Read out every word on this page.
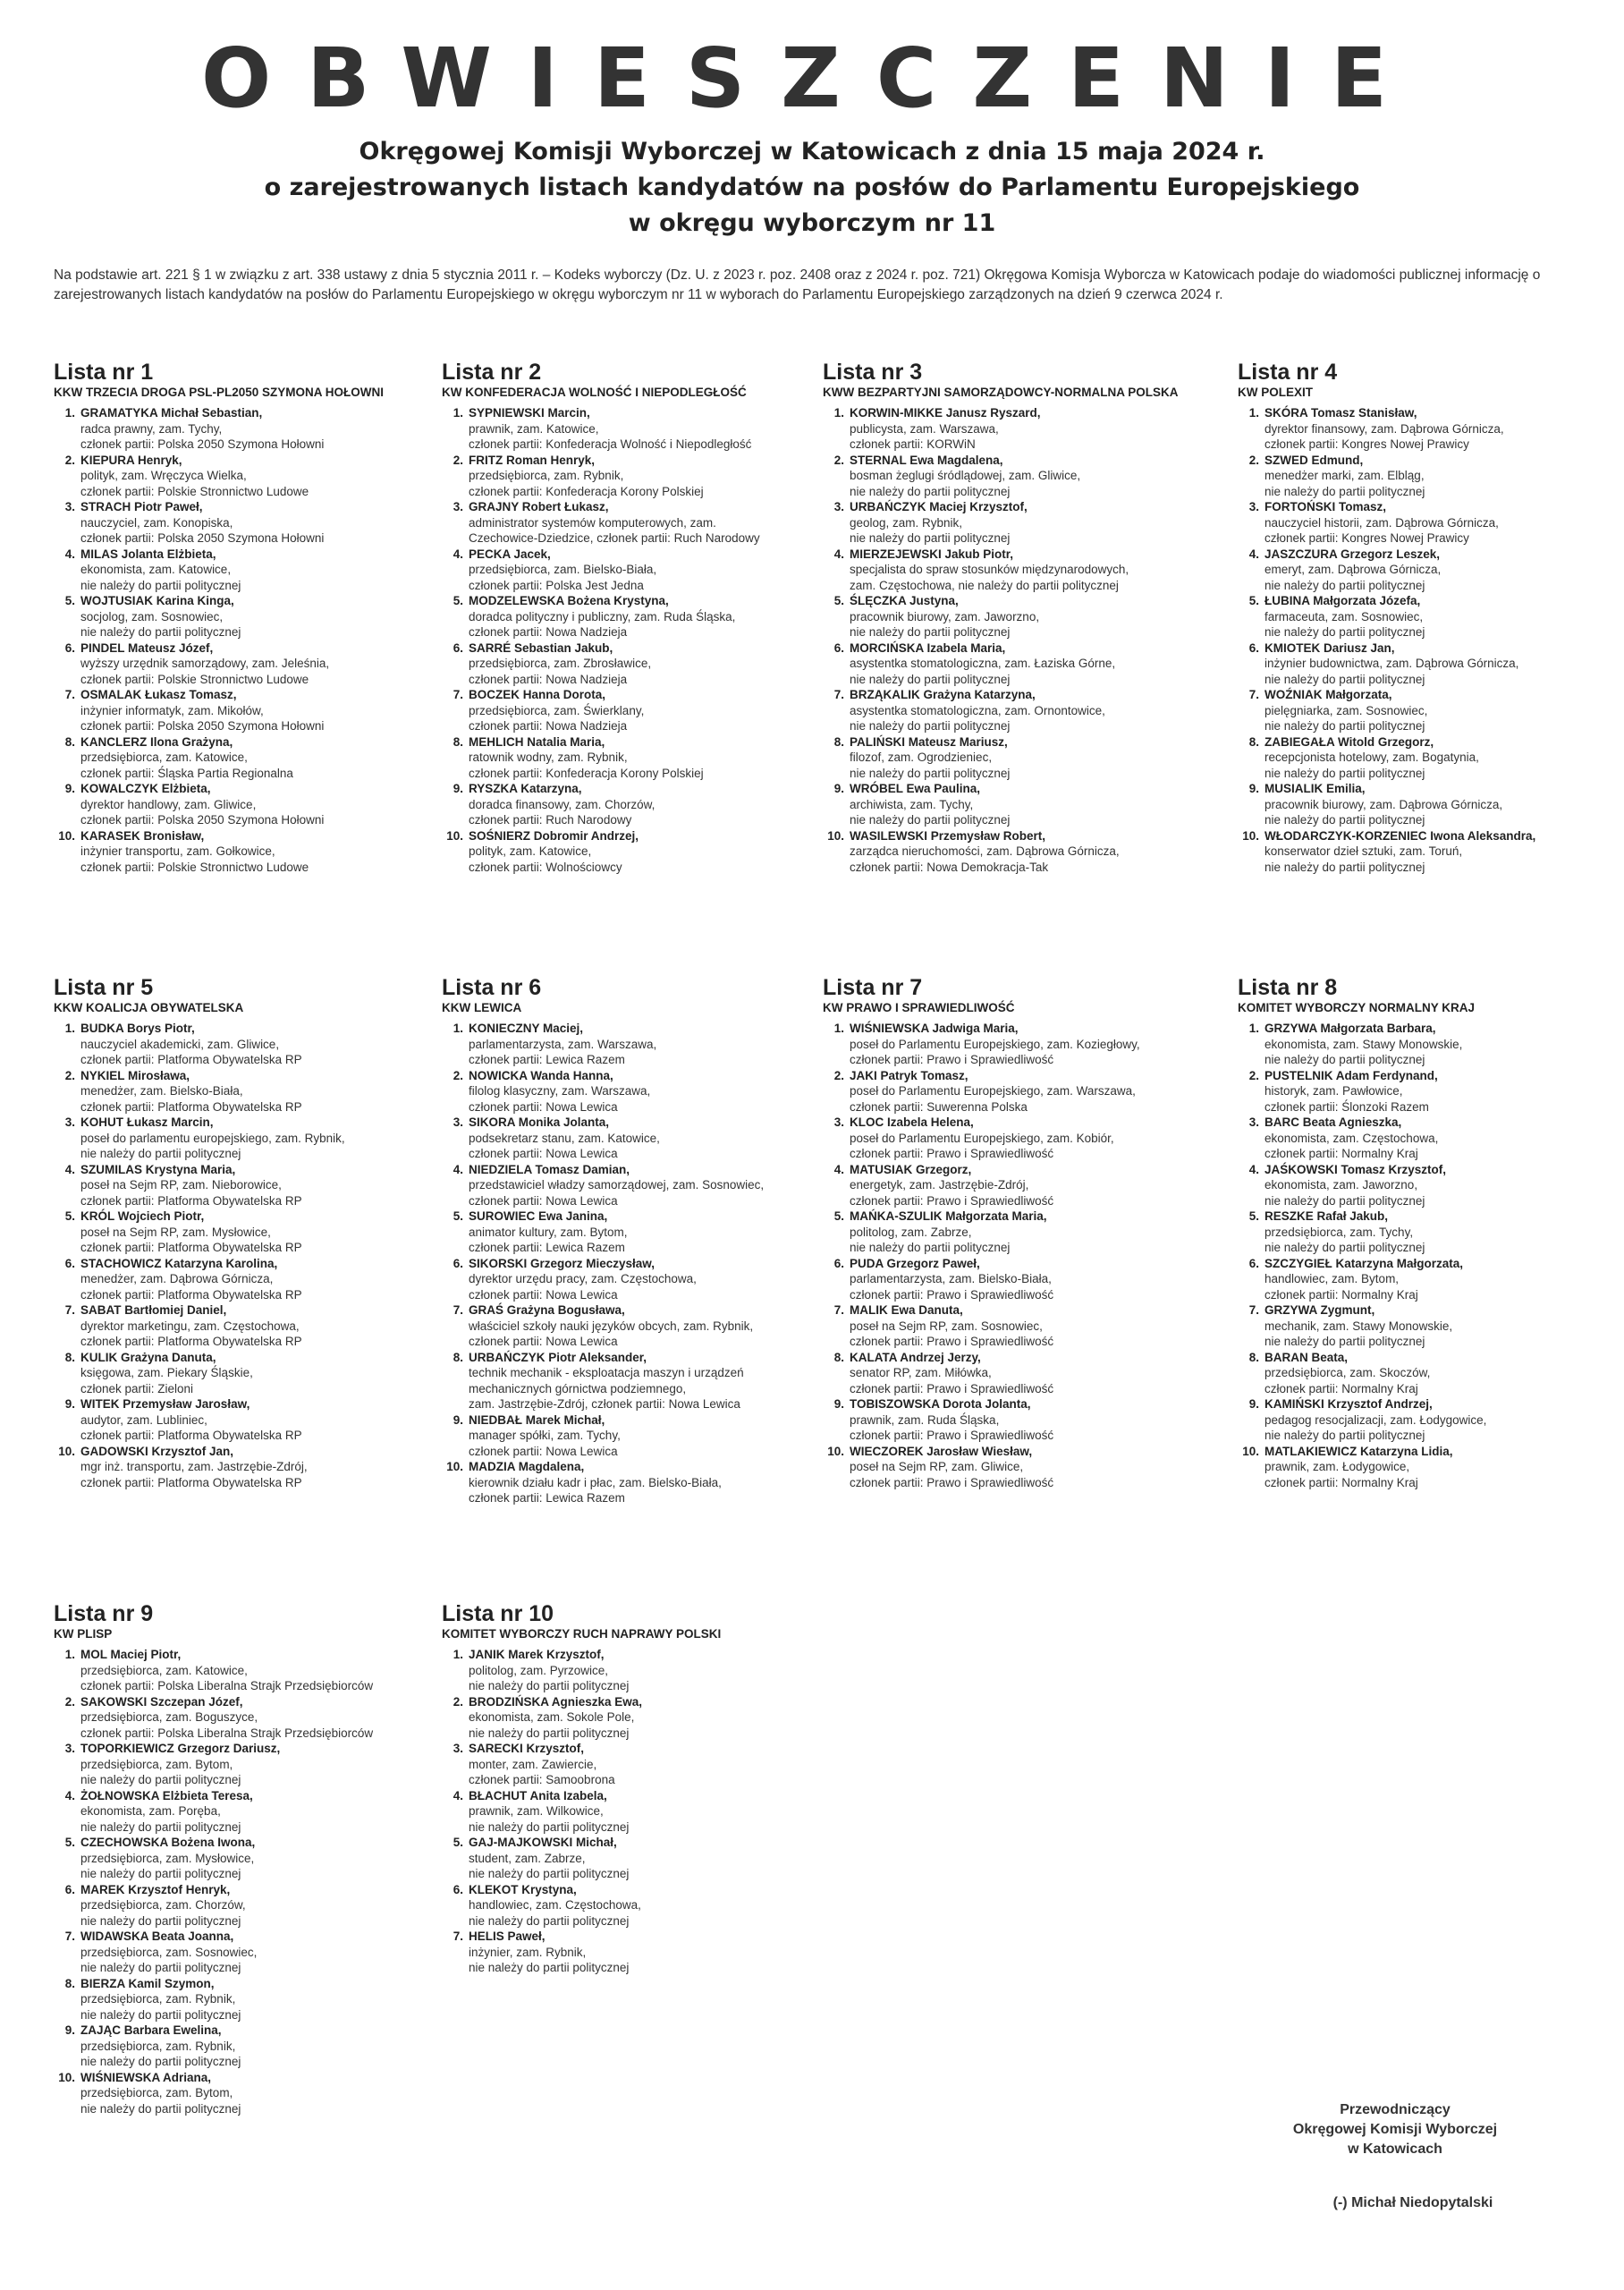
OBWIESZCZENIE
Okręgowej Komisji Wyborczej w Katowicach z dnia 15 maja 2024 r.
o zarejestrowanych listach kandydatów na posłów do Parlamentu Europejskiego
w okręgu wyborczym nr 11
Na podstawie art. 221 § 1 w związku z art. 338 ustawy z dnia 5 stycznia 2011 r. – Kodeks wyborczy (Dz. U. z 2023 r. poz. 2408 oraz z 2024 r. poz. 721) Okręgowa Komisja Wyborcza w Katowicach podaje do wiadomości publicznej informację o zarejestrowanych listach kandydatów na posłów do Parlamentu Europejskiego w okręgu wyborczym nr 11 w wyborach do Parlamentu Europejskiego zarządzonych na dzień 9 czerwca 2024 r.
Lista nr 1
KKW TRZECIA DROGA PSL-PL2050 SZYMONA HOŁOWNI
1. GRAMATYKA Michał Sebastian,
radca prawny, zam. Tychy,
członek partii: Polska 2050 Szymona Hołowni
2. KIEPURA Henryk,
polityk, zam. Wręczyca Wielka,
członek partii: Polskie Stronnictwo Ludowe
3. STRACH Piotr Paweł,
nauczyciel, zam. Konopiska,
członek partii: Polska 2050 Szymona Hołowni
4. MILAS Jolanta Elżbieta,
ekonomista, zam. Katowice,
nie należy do partii politycznej
5. WOJTUSIAK Karina Kinga,
socjolog, zam. Sosnowiec,
nie należy do partii politycznej
6. PINDEL Mateusz Józef,
wyższy urzędnik samorządowy, zam. Jeleśnia,
członek partii: Polskie Stronnictwo Ludowe
7. OSMALAK Łukasz Tomasz,
inżynier informatyk, zam. Mikołów,
członek partii: Polska 2050 Szymona Hołowni
8. KANCLERZ Ilona Grażyna,
przedsiębiorca, zam. Katowice,
członek partii: Śląska Partia Regionalna
9. KOWALCZYK Elżbieta,
dyrektor handlowy, zam. Gliwice,
członek partii: Polska 2050 Szymona Hołowni
10. KARASEK Bronisław,
inżynier transportu, zam. Gołkowice,
członek partii: Polskie Stronnictwo Ludowe
Lista nr 2
KW KONFEDERACJA WOLNOŚĆ I NIEPODLEGŁOŚĆ
1. SYPNIEWSKI Marcin,
prawnik, zam. Katowice,
członek partii: Konfederacja Wolność i Niepodległość
2. FRITZ Roman Henryk,
przedsiębiorca, zam. Rybnik,
członek partii: Konfederacja Korony Polskiej
3. GRAJNY Robert Łukasz,
administrator systemów komputerowych, zam.
Czechowice-Dziedzice, członek partii: Ruch Narodowy
4. PECKA Jacek,
przedsiębiorca, zam. Bielsko-Biała,
członek partii: Polska Jest Jedna
5. MODZELEWSKA Bożena Krystyna,
doradca polityczny i publiczny, zam. Ruda Śląska,
członek partii: Nowa Nadzieja
6. SARRÉ Sebastian Jakub,
przedsiębiorca, zam. Zbrosławice,
członek partii: Nowa Nadzieja
7. BOCZEK Hanna Dorota,
przedsiębiorca, zam. Świerklany,
członek partii: Nowa Nadzieja
8. MEHLICH Natalia Maria,
ratownik wodny, zam. Rybnik,
członek partii: Konfederacja Korony Polskiej
9. RYSZKA Katarzyna,
doradca finansowy, zam. Chorzów,
członek partii: Ruch Narodowy
10. SOŚNIERZ Dobromir Andrzej,
polityk, zam. Katowice,
członek partii: Wolnościowcy
Lista nr 3
KWW BEZPARTYJNI SAMORZĄDOWCY-NORMALNA POLSKA
1. KORWIN-MIKKE Janusz Ryszard,
publicysta, zam. Warszawa,
członek partii: KORWiN
2. STERNAL Ewa Magdalena,
bosman żeglugi śródlądowej, zam. Gliwice,
nie należy do partii politycznej
3. URBAŃCZYK Maciej Krzysztof,
geolog, zam. Rybnik,
nie należy do partii politycznej
4. MIERZEJEWSKI Jakub Piotr,
specjalista do spraw stosunków międzynarodowych,
zam. Częstochowa, nie należy do partii politycznej
5. ŚLĘCZKA Justyna,
pracownik biurowy, zam. Jaworzno,
nie należy do partii politycznej
6. MORCIŃSKA Izabela Maria,
asystentka stomatologiczna, zam. Łaziska Górne,
nie należy do partii politycznej
7. BRZĄKALIK Grażyna Katarzyna,
asystentka stomatologiczna, zam. Ornontowice,
nie należy do partii politycznej
8. PALIŃSKI Mateusz Mariusz,
filozof, zam. Ogrodzieniec,
nie należy do partii politycznej
9. WRÓBEL Ewa Paulina,
archiwista, zam. Tychy,
nie należy do partii politycznej
10. WASILEWSKI Przemysław Robert,
zarządca nieruchomości, zam. Dąbrowa Górnicza,
członek partii: Nowa Demokracja-Tak
Lista nr 4
KW POLEXIT
1. SKÓRA Tomasz Stanisław,
dyrektor finansowy, zam. Dąbrowa Górnicza,
członek partii: Kongres Nowej Prawicy
2. SZWED Edmund,
menedżer marki, zam. Elbląg,
nie należy do partii politycznej
3. FORTOŃSKI Tomasz,
nauczyciel historii, zam. Dąbrowa Górnicza,
członek partii: Kongres Nowej Prawicy
4. JASZCZURA Grzegorz Leszek,
emeryt, zam. Dąbrowa Górnicza,
nie należy do partii politycznej
5. ŁUBINA Małgorzata Józefa,
farmaceuta, zam. Sosnowiec,
nie należy do partii politycznej
6. KMIOTEK Dariusz Jan,
inżynier budownictwa, zam. Dąbrowa Górnicza,
nie należy do partii politycznej
7. WOŹNIAK Małgorzata,
pielęgniarka, zam. Sosnowiec,
nie należy do partii politycznej
8. ZABIEGAŁA Witold Grzegorz,
recepcjonista hotelowy, zam. Bogatynia,
nie należy do partii politycznej
9. MUSIALIK Emilia,
pracownik biurowy, zam. Dąbrowa Górnicza,
nie należy do partii politycznej
10. WŁODARCZYK-KORZENIEC Iwona Aleksandra,
konserwator dzieł sztuki, zam. Toruń,
nie należy do partii politycznej
Lista nr 5
KKW KOALICJA OBYWATELSKA
1. BUDKA Borys Piotr,
nauczyciel akademicki, zam. Gliwice,
członek partii: Platforma Obywatelska RP
2. NYKIEL Mirosława,
menedżer, zam. Bielsko-Biała,
członek partii: Platforma Obywatelska RP
3. KOHUT Łukasz Marcin,
poseł do parlamentu europejskiego, zam. Rybnik,
nie należy do partii politycznej
4. SZUMILAS Krystyna Maria,
poseł na Sejm RP, zam. Nieborowice,
członek partii: Platforma Obywatelska RP
5. KRÓL Wojciech Piotr,
poseł na Sejm RP, zam. Mysłowice,
członek partii: Platforma Obywatelska RP
6. STACHOWICZ Katarzyna Karolina,
menedżer, zam. Dąbrowa Górnicza,
członek partii: Platforma Obywatelska RP
7. SABAT Bartłomiej Daniel,
dyrektor marketingu, zam. Częstochowa,
członek partii: Platforma Obywatelska RP
8. KULIK Grażyna Danuta,
księgowa, zam. Piekary Śląskie,
członek partii: Zieloni
9. WITEK Przemysław Jarosław,
audytor, zam. Lubliniec,
członek partii: Platforma Obywatelska RP
10. GADOWSKI Krzysztof Jan,
mgr inż. transportu, zam. Jastrzębie-Zdrój,
członek partii: Platforma Obywatelska RP
Lista nr 6
KKW LEWICA
1. KONIECZNY Maciej,
parlamentarzysta, zam. Warszawa,
członek partii: Lewica Razem
2. NOWICKA Wanda Hanna,
filolog klasyczny, zam. Warszawa,
członek partii: Nowa Lewica
3. SIKORA Monika Jolanta,
podsekretarz stanu, zam. Katowice,
członek partii: Nowa Lewica
4. NIEDZIELA Tomasz Damian,
przedstawiciel władzy samorządowej, zam. Sosnowiec,
członek partii: Nowa Lewica
5. SUROWIEC Ewa Janina,
animator kultury, zam. Bytom,
członek partii: Lewica Razem
6. SIKORSKI Grzegorz Mieczysław,
dyrektor urzędu pracy, zam. Częstochowa,
członek partii: Nowa Lewica
7. GRAŚ Grażyna Bogusława,
właściciel szkoły nauki języków obcych, zam. Rybnik,
członek partii: Nowa Lewica
8. URBAŃCZYK Piotr Aleksander,
technik mechanik - eksploatacja maszyn i urządzeń
mechanicznych górnictwa podziemnego,
zam. Jastrzębie-Zdrój, członek partii: Nowa Lewica
9. NIEDBAŁ Marek Michał,
manager spółki, zam. Tychy,
członek partii: Nowa Lewica
10. MADZIA Magdalena,
kierownik działu kadr i płac, zam. Bielsko-Biała,
członek partii: Lewica Razem
Lista nr 7
KW PRAWO I SPRAWIEDLIWOŚĆ
1. WIŚNIEWSKA Jadwiga Maria,
poseł do Parlamentu Europejskiego, zam. Koziegłowy,
członek partii: Prawo i Sprawiedliwość
2. JAKI Patryk Tomasz,
poseł do Parlamentu Europejskiego, zam. Warszawa,
członek partii: Suwerenna Polska
3. KLOC Izabela Helena,
poseł do Parlamentu Europejskiego, zam. Kobiór,
członek partii: Prawo i Sprawiedliwość
4. MATUSIAK Grzegorz,
energetyk, zam. Jastrzębie-Zdrój,
członek partii: Prawo i Sprawiedliwość
5. MAŃKA-SZULIK Małgorzata Maria,
politolog, zam. Zabrze,
nie należy do partii politycznej
6. PUDA Grzegorz Paweł,
parlamentarzysta, zam. Bielsko-Biała,
członek partii: Prawo i Sprawiedliwość
7. MALIK Ewa Danuta,
poseł na Sejm RP, zam. Sosnowiec,
członek partii: Prawo i Sprawiedliwość
8. KALATA Andrzej Jerzy,
senator RP, zam. Miłówka,
członek partii: Prawo i Sprawiedliwość
9. TOBISZOWSKA Dorota Jolanta,
prawnik, zam. Ruda Śląska,
członek partii: Prawo i Sprawiedliwość
10. WIECZOREK Jarosław Wiesław,
poseł na Sejm RP, zam. Gliwice,
członek partii: Prawo i Sprawiedliwość
Lista nr 8
KOMITET WYBORCZY NORMALNY KRAJ
1. GRZYWA Małgorzata Barbara,
ekonomista, zam. Stawy Monowskie,
nie należy do partii politycznej
2. PUSTELNIK Adam Ferdynand,
historyk, zam. Pawłowice,
członek partii: Ślonzoki Razem
3. BARC Beata Agnieszka,
ekonomista, zam. Częstochowa,
członek partii: Normalny Kraj
4. JAŚKOWSKI Tomasz Krzysztof,
ekonomista, zam. Jaworzno,
nie należy do partii politycznej
5. RESZKE Rafał Jakub,
przedsiębiorca, zam. Tychy,
nie należy do partii politycznej
6. SZCZYGIEŁ Katarzyna Małgorzata,
handlowiec, zam. Bytom,
członek partii: Normalny Kraj
7. GRZYWA Zygmunt,
mechanik, zam. Stawy Monowskie,
nie należy do partii politycznej
8. BARAN Beata,
przedsiębiorca, zam. Skoczów,
członek partii: Normalny Kraj
9. KAMIŃSKI Krzysztof Andrzej,
pedagog resocjalizacji, zam. Łodygowice,
nie należy do partii politycznej
10. MATLAKIEWICZ Katarzyna Lidia,
prawnik, zam. Łodygowice,
członek partii: Normalny Kraj
Lista nr 9
KW PLISP
1. MOL Maciej Piotr,
przedsiębiorca, zam. Katowice,
członek partii: Polska Liberalna Strajk Przedsiębiorców
2. SAKOWSKI Szczepan Józef,
przedsiębiorca, zam. Boguszyce,
członek partii: Polska Liberalna Strajk Przedsiębiorców
3. TOPORKIEWICZ Grzegorz Dariusz,
przedsiębiorca, zam. Bytom,
nie należy do partii politycznej
4. ŻOŁNOWSKA Elżbieta Teresa,
ekonomista, zam. Poręba,
nie należy do partii politycznej
5. CZECHOWSKA Bożena Iwona,
przedsiębiorca, zam. Mysłowice,
nie należy do partii politycznej
6. MAREK Krzysztof Henryk,
przedsiębiorca, zam. Chorzów,
nie należy do partii politycznej
7. WIDAWSKA Beata Joanna,
przedsiębiorca, zam. Sosnowiec,
nie należy do partii politycznej
8. BIERZA Kamil Szymon,
przedsiębiorca, zam. Rybnik,
nie należy do partii politycznej
9. ZAJĄC Barbara Ewelina,
przedsiębiorca, zam. Rybnik,
nie należy do partii politycznej
10. WIŚNIEWSKA Adriana,
przedsiębiorca, zam. Bytom,
nie należy do partii politycznej
Lista nr 10
KOMITET WYBORCZY RUCH NAPRAWY POLSKI
1. JANIK Marek Krzysztof,
politolog, zam. Pyrzowice,
nie należy do partii politycznej
2. BRODZIŃSKA Agnieszka Ewa,
ekonomista, zam. Sokole Pole,
nie należy do partii politycznej
3. SARECKI Krzysztof,
monter, zam. Zawiercie,
członek partii: Samoobrona
4. BŁACHUT Anita Izabela,
prawnik, zam. Wilkowice,
nie należy do partii politycznej
5. GAJ-MAJKOWSKI Michał,
student, zam. Zabrze,
nie należy do partii politycznej
6. KLEKOT Krystyna,
handlowiec, zam. Częstochowa,
nie należy do partii politycznej
7. HELIS Paweł,
inżynier, zam. Rybnik,
nie należy do partii politycznej
Przewodniczący
Okręgowej Komisji Wyborczej
w Katowicach
(-) Michał Niedopytalski
